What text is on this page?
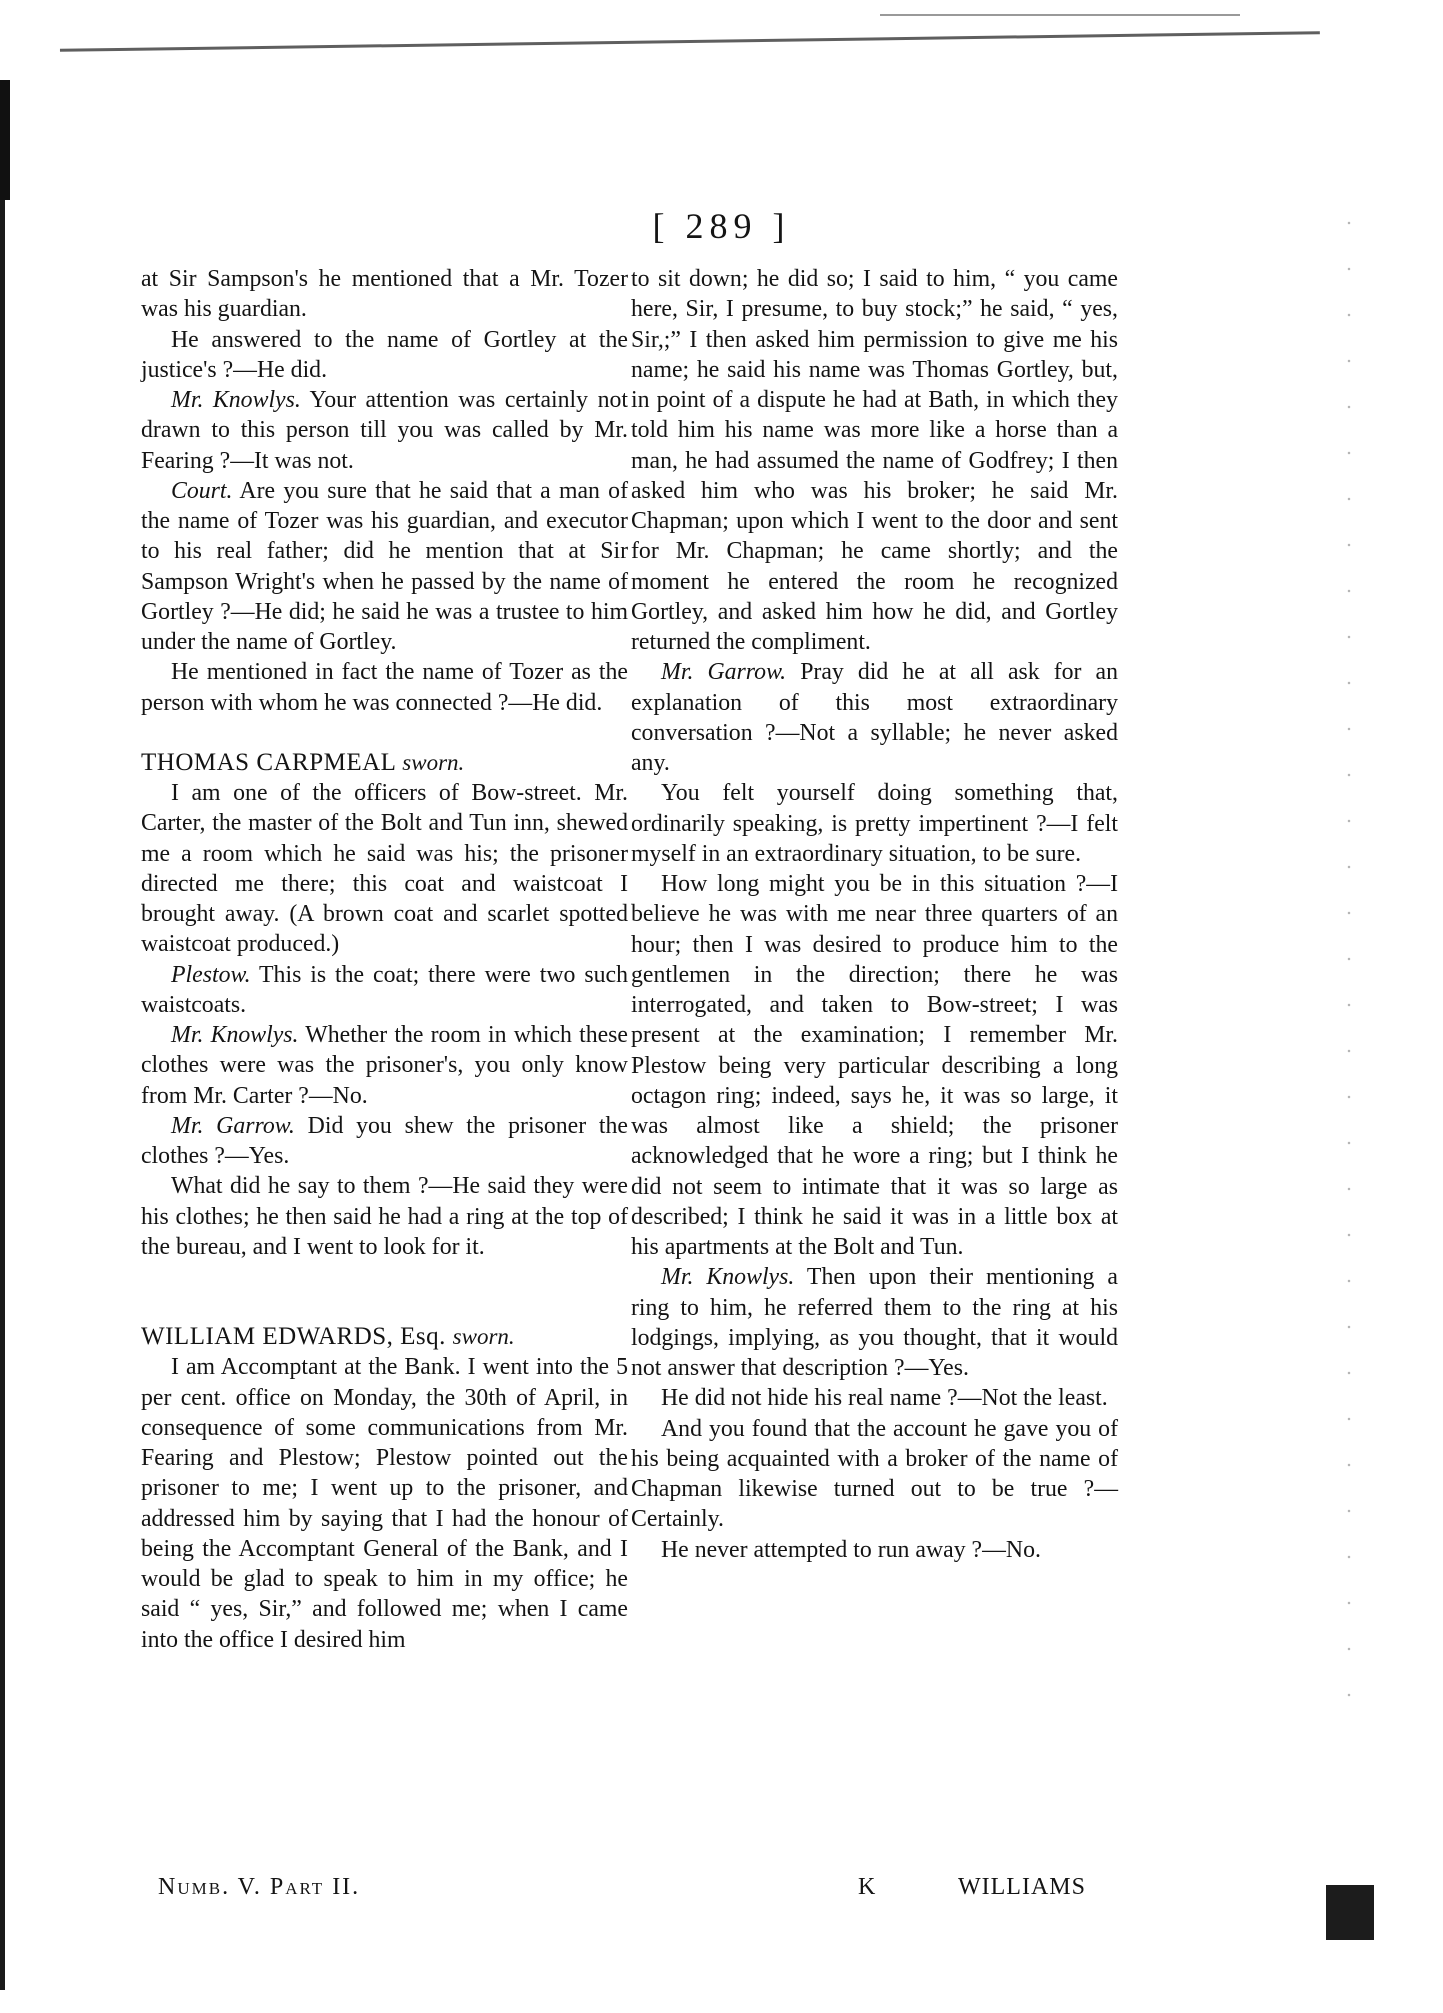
[ 289 ]

at Sir Sampson's he mentioned that a Mr. Tozer was his guardian.

He answered to the name of Gortley at the justice's ?—He did.

Mr. Knowlys. Your attention was certainly not drawn to this person till you was called by Mr. Fearing ?—It was not.

Court. Are you sure that he said that a man of the name of Tozer was his guardian, and executor to his real father; did he mention that at Sir Sampson Wright's when he passed by the name of Gortley ?—He did; he said he was a trustee to him under the name of Gortley.

He mentioned in fact the name of Tozer as the person with whom he was connected ?—He did.

THOMAS CARPMEAL sworn.

I am one of the officers of Bow-street. Mr. Carter, the master of the Bolt and Tun inn, shewed me a room which he said was his; the prisoner directed me there; this coat and waistcoat I brought away. (A brown coat and scarlet spotted waistcoat produced.)

Plestow. This is the coat; there were two such waistcoats.

Mr. Knowlys. Whether the room in which these clothes were was the prisoner's, you only know from Mr. Carter ?—No.

Mr. Garrow. Did you shew the prisoner the clothes ?—Yes.

What did he say to them ?—He said they were his clothes; he then said he had a ring at the top of the bureau, and I went to look for it.

WILLIAM EDWARDS, Esq. sworn.

I am Accomptant at the Bank. I went into the 5 per cent. office on Monday, the 30th of April, in consequence of some communications from Mr. Fearing and Plestow; Plestow pointed out the prisoner to me; I went up to the prisoner, and addressed him by saying that I had the honour of being the Accomptant General of the Bank, and I would be glad to speak to him in my office; he said “ yes, Sir,” and followed me; when I came into the office I desired him

to sit down; he did so; I said to him, “ you came here, Sir, I presume, to buy stock;” he said, “ yes, Sir,;” I then asked him permission to give me his name; he said his name was Thomas Gortley, but, in point of a dispute he had at Bath, in which they told him his name was more like a horse than a man, he had assumed the name of Godfrey; I then asked him who was his broker; he said Mr. Chapman; upon which I went to the door and sent for Mr. Chapman; he came shortly; and the moment he entered the room he recognized Gortley, and asked him how he did, and Gortley returned the compliment.

Mr. Garrow. Pray did he at all ask for an explanation of this most extraordinary conversation ?—Not a syllable; he never asked any.

You felt yourself doing something that, ordinarily speaking, is pretty impertinent ?—I felt myself in an extraordinary situation, to be sure.

How long might you be in this situation ?—I believe he was with me near three quarters of an hour; then I was desired to produce him to the gentlemen in the direction; there he was interrogated, and taken to Bow-street; I was present at the examination; I remember Mr. Plestow being very particular describing a long octagon ring; indeed, says he, it was so large, it was almost like a shield; the prisoner acknowledged that he wore a ring; but I think he did not seem to intimate that it was so large as described; I think he said it was in a little box at his apartments at the Bolt and Tun.

Mr. Knowlys. Then upon their mentioning a ring to him, he referred them to the ring at his lodgings, implying, as you thought, that it would not answer that description ?—Yes.

He did not hide his real name ?—Not the least.

And you found that the account he gave you of his being acquainted with a broker of the name of Chapman likewise turned out to be true ?—Certainly.

He never attempted to run away ?—No.

Numb. V. Part II.	K	WILLIAMS
